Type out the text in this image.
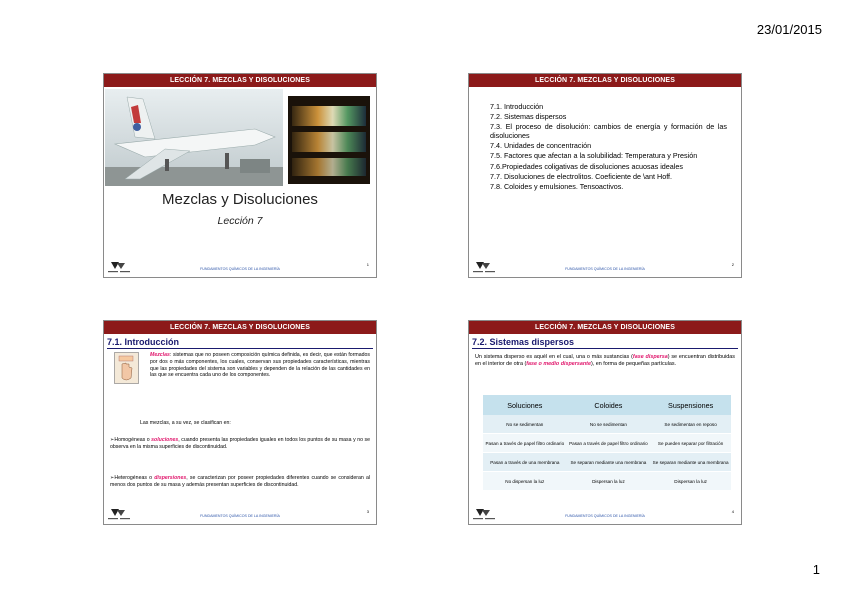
23/01/2015
LECCIÓN 7. MEZCLAS Y DISOLUCIONES
Mezclas y Disoluciones
Lección 7
FUNDAMENTOS QUÍMICOS DE LA INGENIERÍA
1
LECCIÓN 7. MEZCLAS Y DISOLUCIONES
7.1. Introducción
7.2. Sistemas dispersos
7.3. El proceso de disolución: cambios de energía y formación de las disoluciones
7.4. Unidades de concentración
7.5. Factores que afectan a la solubilidad: Temperatura y Presión
7.6.Propiedades coligativas de disoluciones acuosas ideales
7.7. Disoluciones de electrolitos. Coeficiente de \ant Hoff.
7.8. Coloides y emulsiones. Tensoactivos.
FUNDAMENTOS QUÍMICOS DE LA INGENIERÍA
2
LECCIÓN 7. MEZCLAS Y DISOLUCIONES
7.1. Introducción

Mezclas: sistemas que no poseen composición química definida, es decir, que están formados por dos o más componentes, los cuales, conservan sus propiedades características, mientras que las propiedades del sistema son variables y dependen de la relación de las cantidades en las que se encuentra cada uno de los componentes.

Las mezclas, a su vez, se clasifican en:

➢Homogéneas o soluciones, cuando presenta las propiedades iguales en todos los puntos de su masa y no se observa en la misma superficies de discontinuidad.

➢Heterogéneas o dispersiones, se caracterizan por poseer propiedades diferentes cuando se consideran al menos dos puntos de su masa y además presentan superficies de discontinuidad.

FUNDAMENTOS QUÍMICOS DE LA INGENIERÍA
3
LECCIÓN 7. MEZCLAS Y DISOLUCIONES
7.2. Sistemas dispersos

Un sistema disperso es aquél en el cual, una o más sustancias (fase dispersa) se encuentran distribuidas en el interior de otra (fase o medio dispersante), en forma de pequeñas partículas.

Soluciones	Coloides	Suspensiones
No se sedimentan	No se sedimentan	Se sedimentan en reposo
Pasan a través de papel filtro ordinario	Pasan a través de papel filtro ordinario	Se pueden separar por filtración
Pasan a través de una membrana	Se separan mediante una membrana	Se separan mediante una membrana
No dispersan la luz	Dispersan la luz	Dispersan la luz
FUNDAMENTOS QUÍMICOS DE LA INGENIERÍA
4
1
